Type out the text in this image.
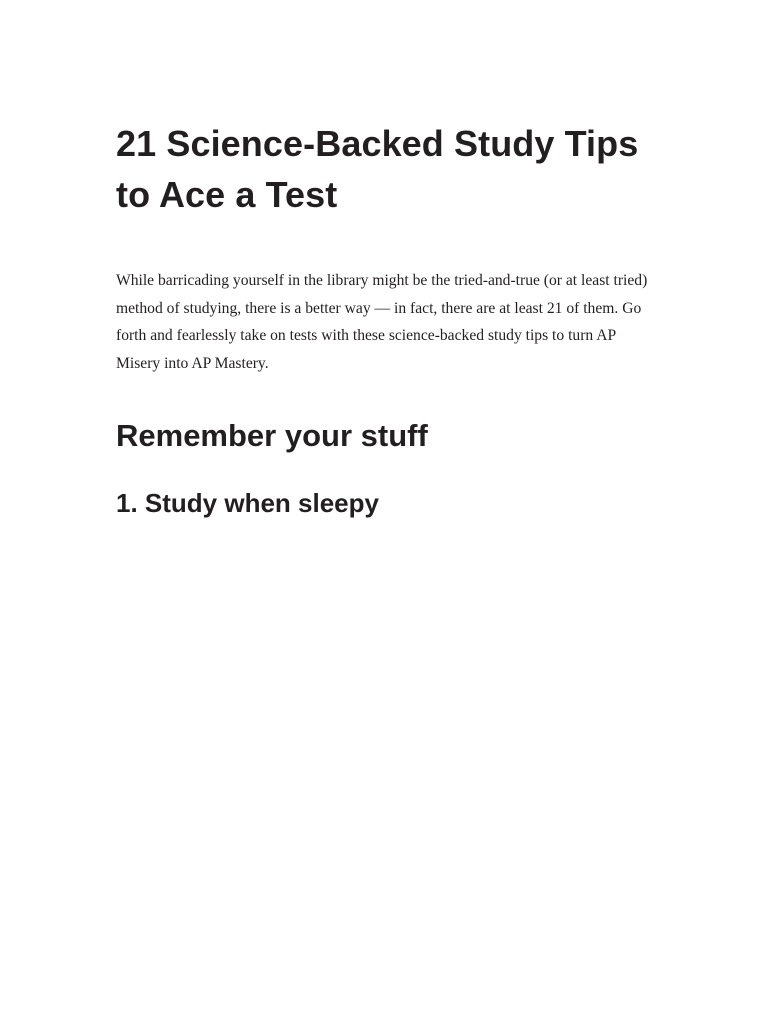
21 Science-Backed Study Tips to Ace a Test

While barricading yourself in the library might be the tried-and-true (or at least tried) method of studying, there is a better way — in fact, there are at least 21 of them. Go forth and fearlessly take on tests with these science-backed study tips to turn AP Misery into AP Mastery.

Remember your stuff
1. Study when sleepy
